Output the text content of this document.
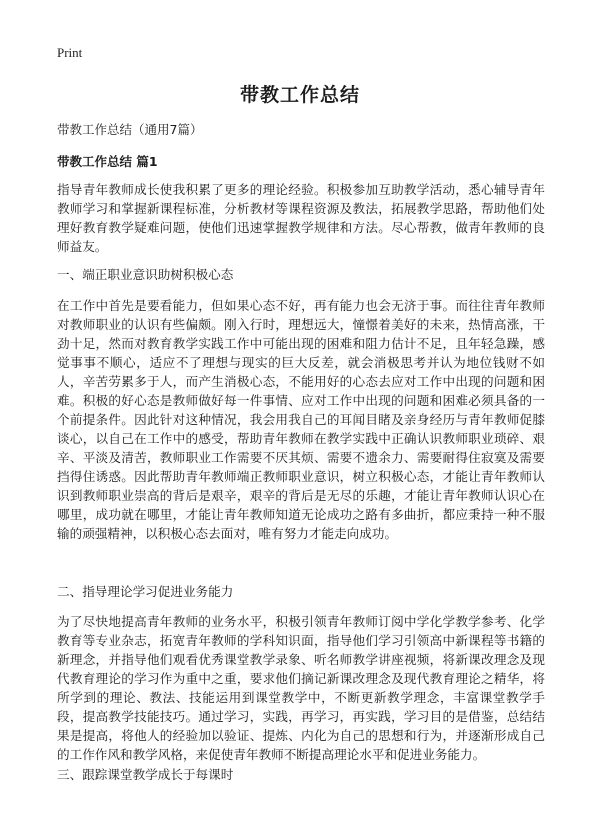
Print
带教工作总结
带教工作总结（通用7篇）
带教工作总结 篇1

指导青年教师成长使我积累了更多的理论经验。积极参加互助教学活动，悉心辅导青年教师学习和掌握新课程标准，分析教材等课程资源及教法，拓展教学思路，帮助他们处理好教育教学疑难问题，使他们迅速掌握教学规律和方法。尽心帮教，做青年教师的良师益友。

一、端正职业意识助树积极心态

在工作中首先是要看能力，但如果心态不好，再有能力也会无济于事。而往往青年教师对教师职业的认识有些偏颇。刚入行时，理想远大，憧憬着美好的未来，热情高涨，干劲十足，然而对教育教学实践工作中可能出现的困难和阻力估计不足，且年轻急躁，感觉事事不顺心，适应不了理想与现实的巨大反差，就会消极思考并认为地位钱财不如人，辛苦劳累多于人，而产生消极心态，不能用好的心态去应对工作中出现的问题和困难。积极的好心态是教师做好每一件事情、应对工作中出现的问题和困难必须具备的一个前提条件。因此针对这种情况，我会用我自己的耳闻目睹及亲身经历与青年教师促膝谈心，以自己在工作中的感受，帮助青年教师在教学实践中正确认识教师职业琐碎、艰辛、平淡及清苦，教师职业工作需要不厌其烦、需要不遗余力、需要耐得住寂寞及需要挡得住诱惑。因此帮助青年教师端正教师职业意识，树立积极心态，才能让青年教师认识到教师职业崇高的背后是艰辛，艰辛的背后是无尽的乐趣，才能让青年教师认识心在哪里，成功就在哪里，才能让青年教师知道无论成功之路有多曲折，都应秉持一种不服输的顽强精神，以积极心态去面对，唯有努力才能走向成功。

二、指导理论学习促进业务能力

为了尽快地提高青年教师的业务水平，积极引领青年教师订阅中学化学教学参考、化学教育等专业杂志，拓宽青年教师的学科知识面，指导他们学习引领高中新课程等书籍的新理念，并指导他们观看优秀课堂教学录象、听名师教学讲座视频，将新课改理念及现代教育理论的学习作为重中之重，要求他们摘记新课改理念及现代教育理论之精华，将所学到的理论、教法、技能运用到课堂教学中，不断更新教学理念，丰富课堂教学手段，提高教学技能技巧。通过学习，实践，再学习，再实践，学习目的是借鉴，总结结果是提高，将他人的经验加以验证、提炼、内化为自己的思想和行为，并逐渐形成自己的工作作风和教学风格，来促使青年教师不断提高理论水平和促进业务能力。

三、跟踪课堂教学成长于每课时
